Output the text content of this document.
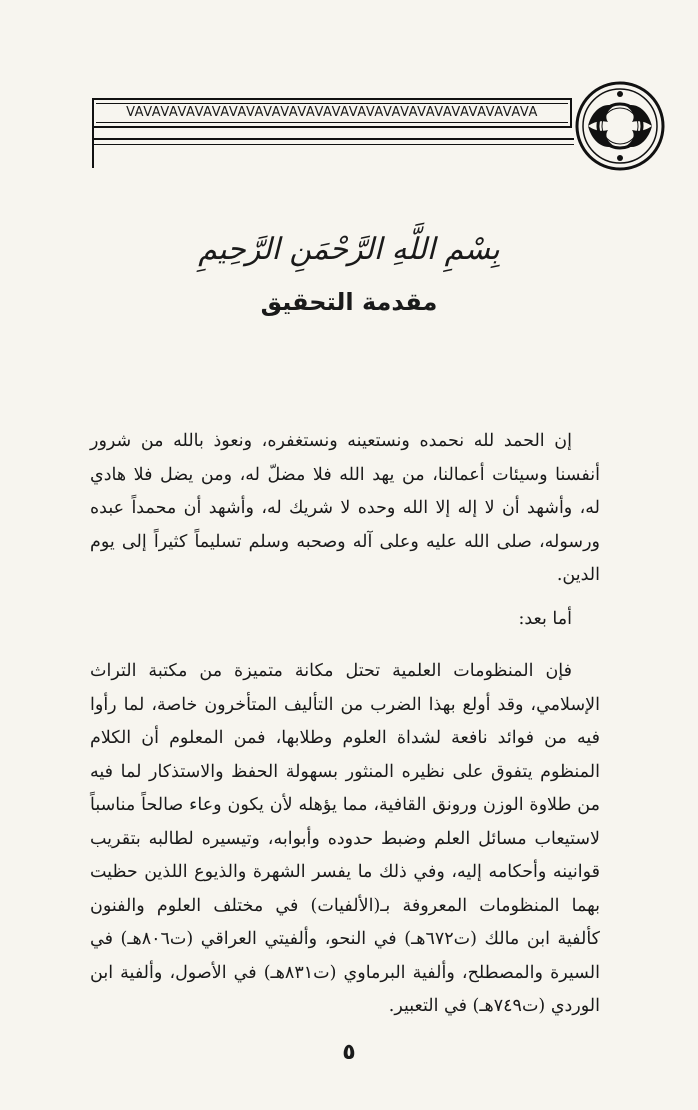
VAVAVAVAVAVAVAVAVAVAVAVAVAVAVAVAVAVAVAVAVAVAVAVA
بِسْمِ اللَّهِ الرَّحْمَنِ الرَّحِيمِ
مقدمة التحقيق

إن الحمد لله نحمده ونستعينه ونستغفره، ونعوذ بالله من شرور أنفسنا وسيئات أعمالنا، من يهد الله فلا مضلّ له، ومن يضل فلا هادي له، وأشهد أن لا إله إلا الله وحده لا شريك له، وأشهد أن محمداً عبده ورسوله، صلى الله عليه وعلى آله وصحبه وسلم تسليماً كثيراً إلى يوم الدين.

أما بعد:

فإن المنظومات العلمية تحتل مكانة متميزة من مكتبة التراث الإسلامي، وقد أولع بهذا الضرب من التأليف المتأخرون خاصة، لما رأوا فيه من فوائد نافعة لشداة العلوم وطلابها، فمن المعلوم أن الكلام المنظوم يتفوق على نظيره المنثور بسهولة الحفظ والاستذكار لما فيه من طلاوة الوزن ورونق القافية، مما يؤهله لأن يكون وعاء صالحاً مناسباً لاستيعاب مسائل العلم وضبط حدوده وأبوابه، وتيسيره لطالبه بتقريب قوانينه وأحكامه إليه، وفي ذلك ما يفسر الشهرة والذيوع اللذين حظيت بهما المنظومات المعروفة بـ(الألفيات) في مختلف العلوم والفنون كألفية ابن مالك (ت٦٧٢هـ) في النحو، وألفيتي العراقي (ت٨٠٦هـ) في السيرة والمصطلح، وألفية البرماوي (ت٨٣١هـ) في الأصول، وألفية ابن الوردي (ت٧٤٩هـ) في التعبير.

٥
